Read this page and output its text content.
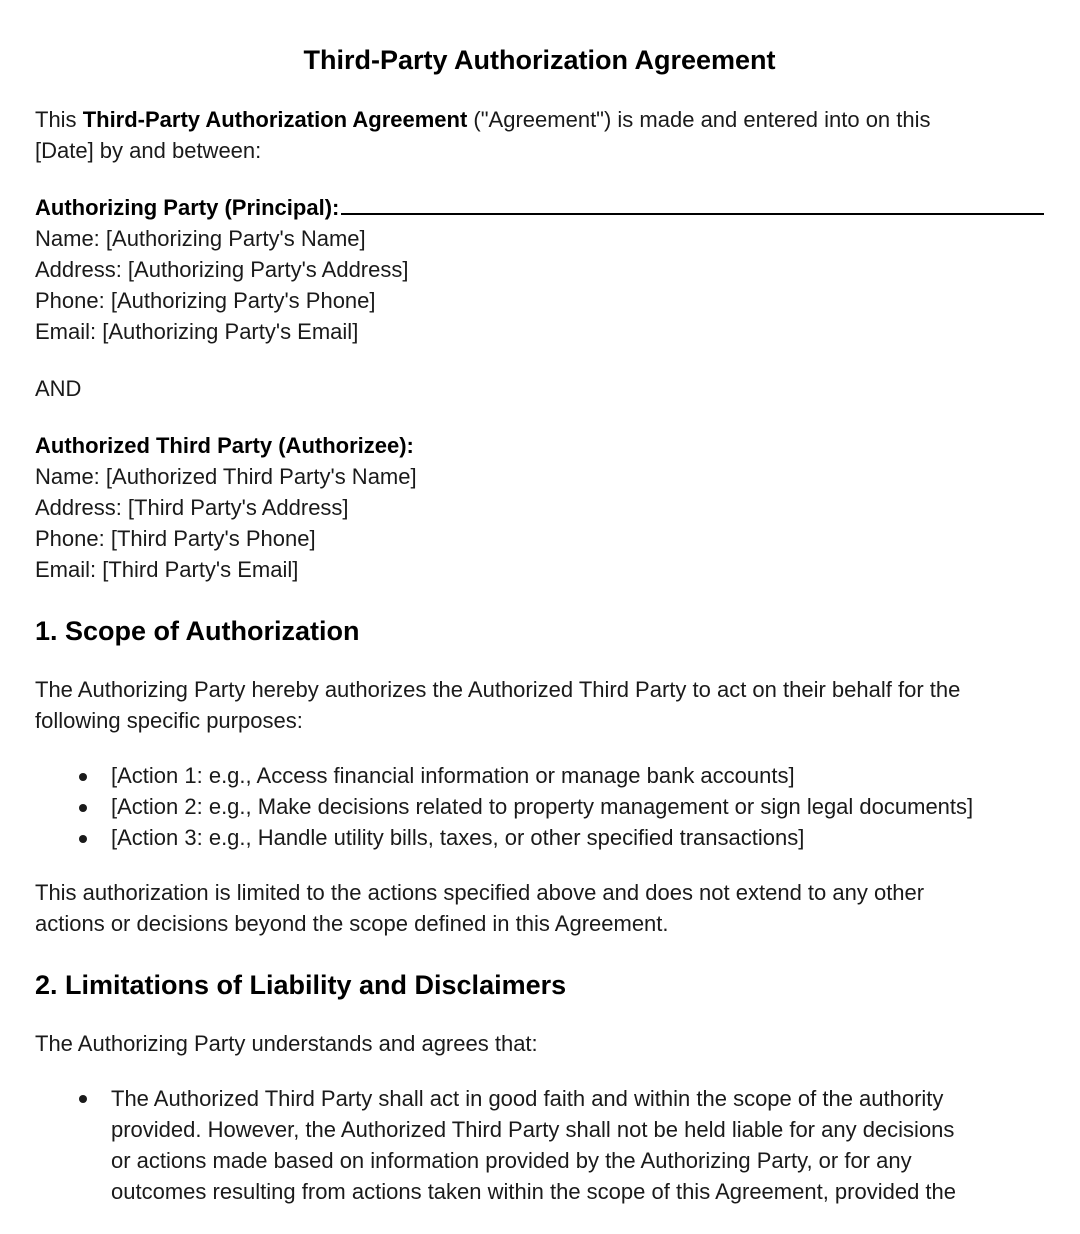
Third-Party Authorization Agreement

This Third-Party Authorization Agreement ("Agreement") is made and entered into on this
[Date] by and between:

Authorizing Party (Principal):
Name: [Authorizing Party's Name]
Address: [Authorizing Party's Address]
Phone: [Authorizing Party's Phone]
Email: [Authorizing Party's Email]
AND
Authorized Third Party (Authorizee):
Name: [Authorized Third Party's Name]
Address: [Third Party's Address]
Phone: [Third Party's Phone]
Email: [Third Party's Email]
1. Scope of Authorization

The Authorizing Party hereby authorizes the Authorized Third Party to act on their behalf for the
following specific purposes:

[Action 1: e.g., Access financial information or manage bank accounts]
[Action 2: e.g., Make decisions related to property management or sign legal documents]
[Action 3: e.g., Handle utility bills, taxes, or other specified transactions]

This authorization is limited to the actions specified above and does not extend to any other
actions or decisions beyond the scope defined in this Agreement.

2. Limitations of Liability and Disclaimers

The Authorizing Party understands and agrees that:

The Authorized Third Party shall act in good faith and within the scope of the authority
provided. However, the Authorized Third Party shall not be held liable for any decisions
or actions made based on information provided by the Authorizing Party, or for any
outcomes resulting from actions taken within the scope of this Agreement, provided the
